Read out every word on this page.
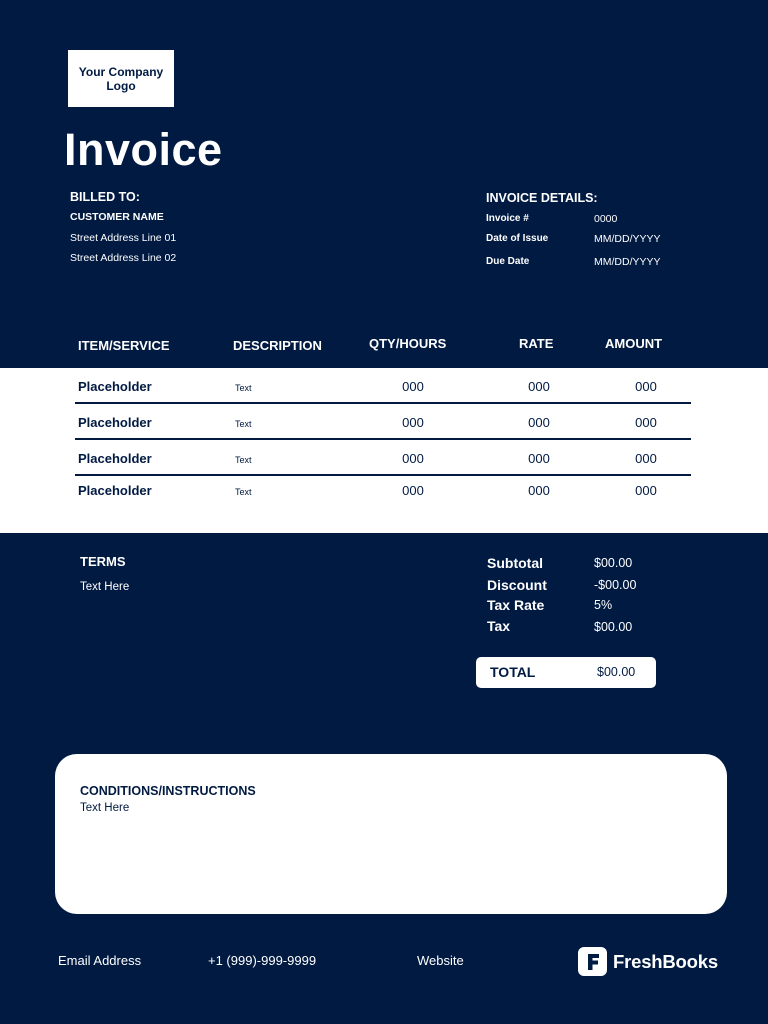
Your Company Logo
Invoice
BILLED TO:
CUSTOMER NAME
Street Address Line 01
Street Address Line 02
INVOICE DETAILS:
Invoice #	0000
Date of Issue	MM/DD/YYYY
Due Date	MM/DD/YYYY
ITEM/SERVICE	DESCRIPTION	QTY/HOURS	RATE	AMOUNT
Placeholder	Text	000	000	000
Placeholder	Text	000	000	000
Placeholder	Text	000	000	000
Placeholder	Text	000	000	000
TERMS
Text Here
Subtotal	$00.00
Discount	-$00.00
Tax Rate	5%
Tax	$00.00
TOTAL	$00.00
CONDITIONS/INSTRUCTIONS
Text Here
Email Address	+1 (999)-999-9999	Website	FreshBooks
